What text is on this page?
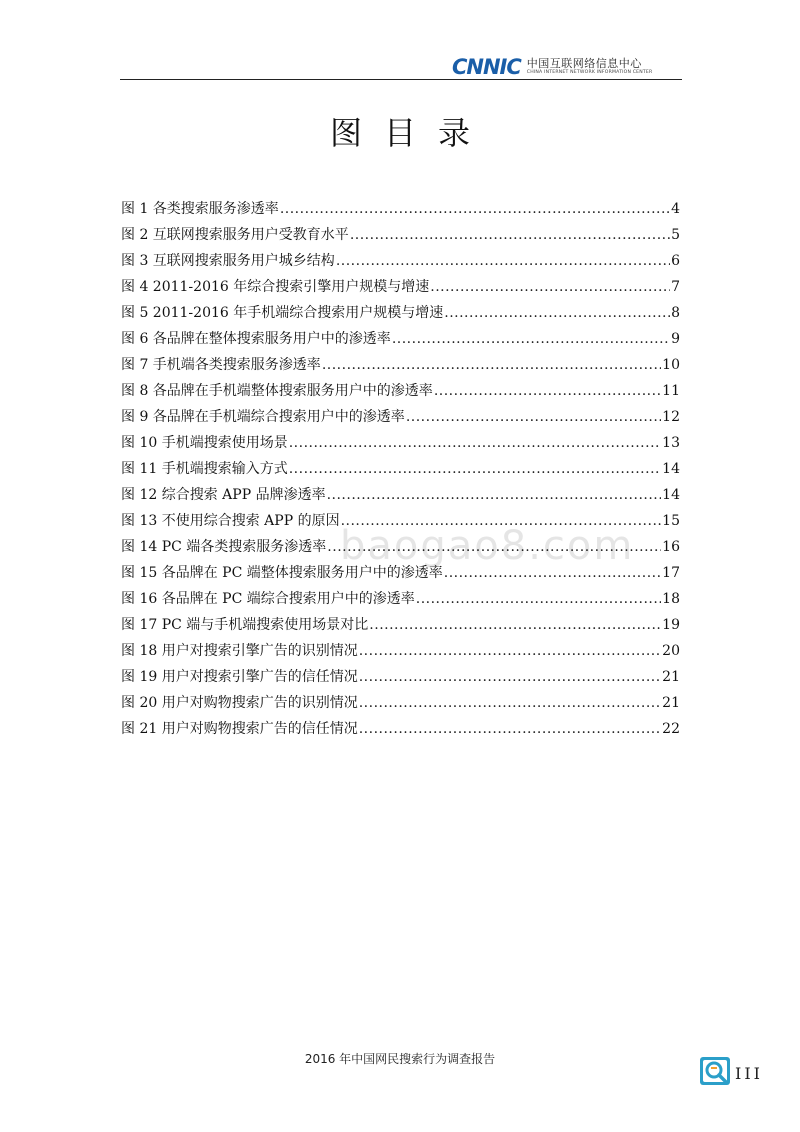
CNNIC 中国互联网络信息中心
CHINA INTERNET NETWORK INFORMATION CENTER
图目录
baogao8.com
图 1 各类搜索服务渗透率 .....	4
图 2 互联网搜索服务用户受教育水平 .....	5
图 3 互联网搜索服务用户城乡结构 .....	6
图 4 2011-2016 年综合搜索引擎用户规模与增速 .....	7
图 5 2011-2016 年手机端综合搜索用户规模与增速 .....	8
图 6 各品牌在整体搜索服务用户中的渗透率 .....	9
图 7 手机端各类搜索服务渗透率 .....	10
图 8 各品牌在手机端整体搜索服务用户中的渗透率 .....	11
图 9 各品牌在手机端综合搜索用户中的渗透率 .....	12
图 10 手机端搜索使用场景 .....	13
图 11 手机端搜索输入方式 .....	14
图 12 综合搜索 APP 品牌渗透率 .....	14
图 13 不使用综合搜索 APP 的原因 .....	15
图 14 PC 端各类搜索服务渗透率 .....	16
图 15 各品牌在 PC 端整体搜索服务用户中的渗透率 .....	17
图 16 各品牌在 PC 端综合搜索用户中的渗透率 .....	18
图 17 PC 端与手机端搜索使用场景对比 .....	19
图 18 用户对搜索引擎广告的识别情况 .....	20
图 19 用户对搜索引擎广告的信任情况 .....	21
图 20 用户对购物搜索广告的识别情况 .....	21
图 21 用户对购物搜索广告的信任情况 .....	22
2016 年中国网民搜索行为调查报告
III
